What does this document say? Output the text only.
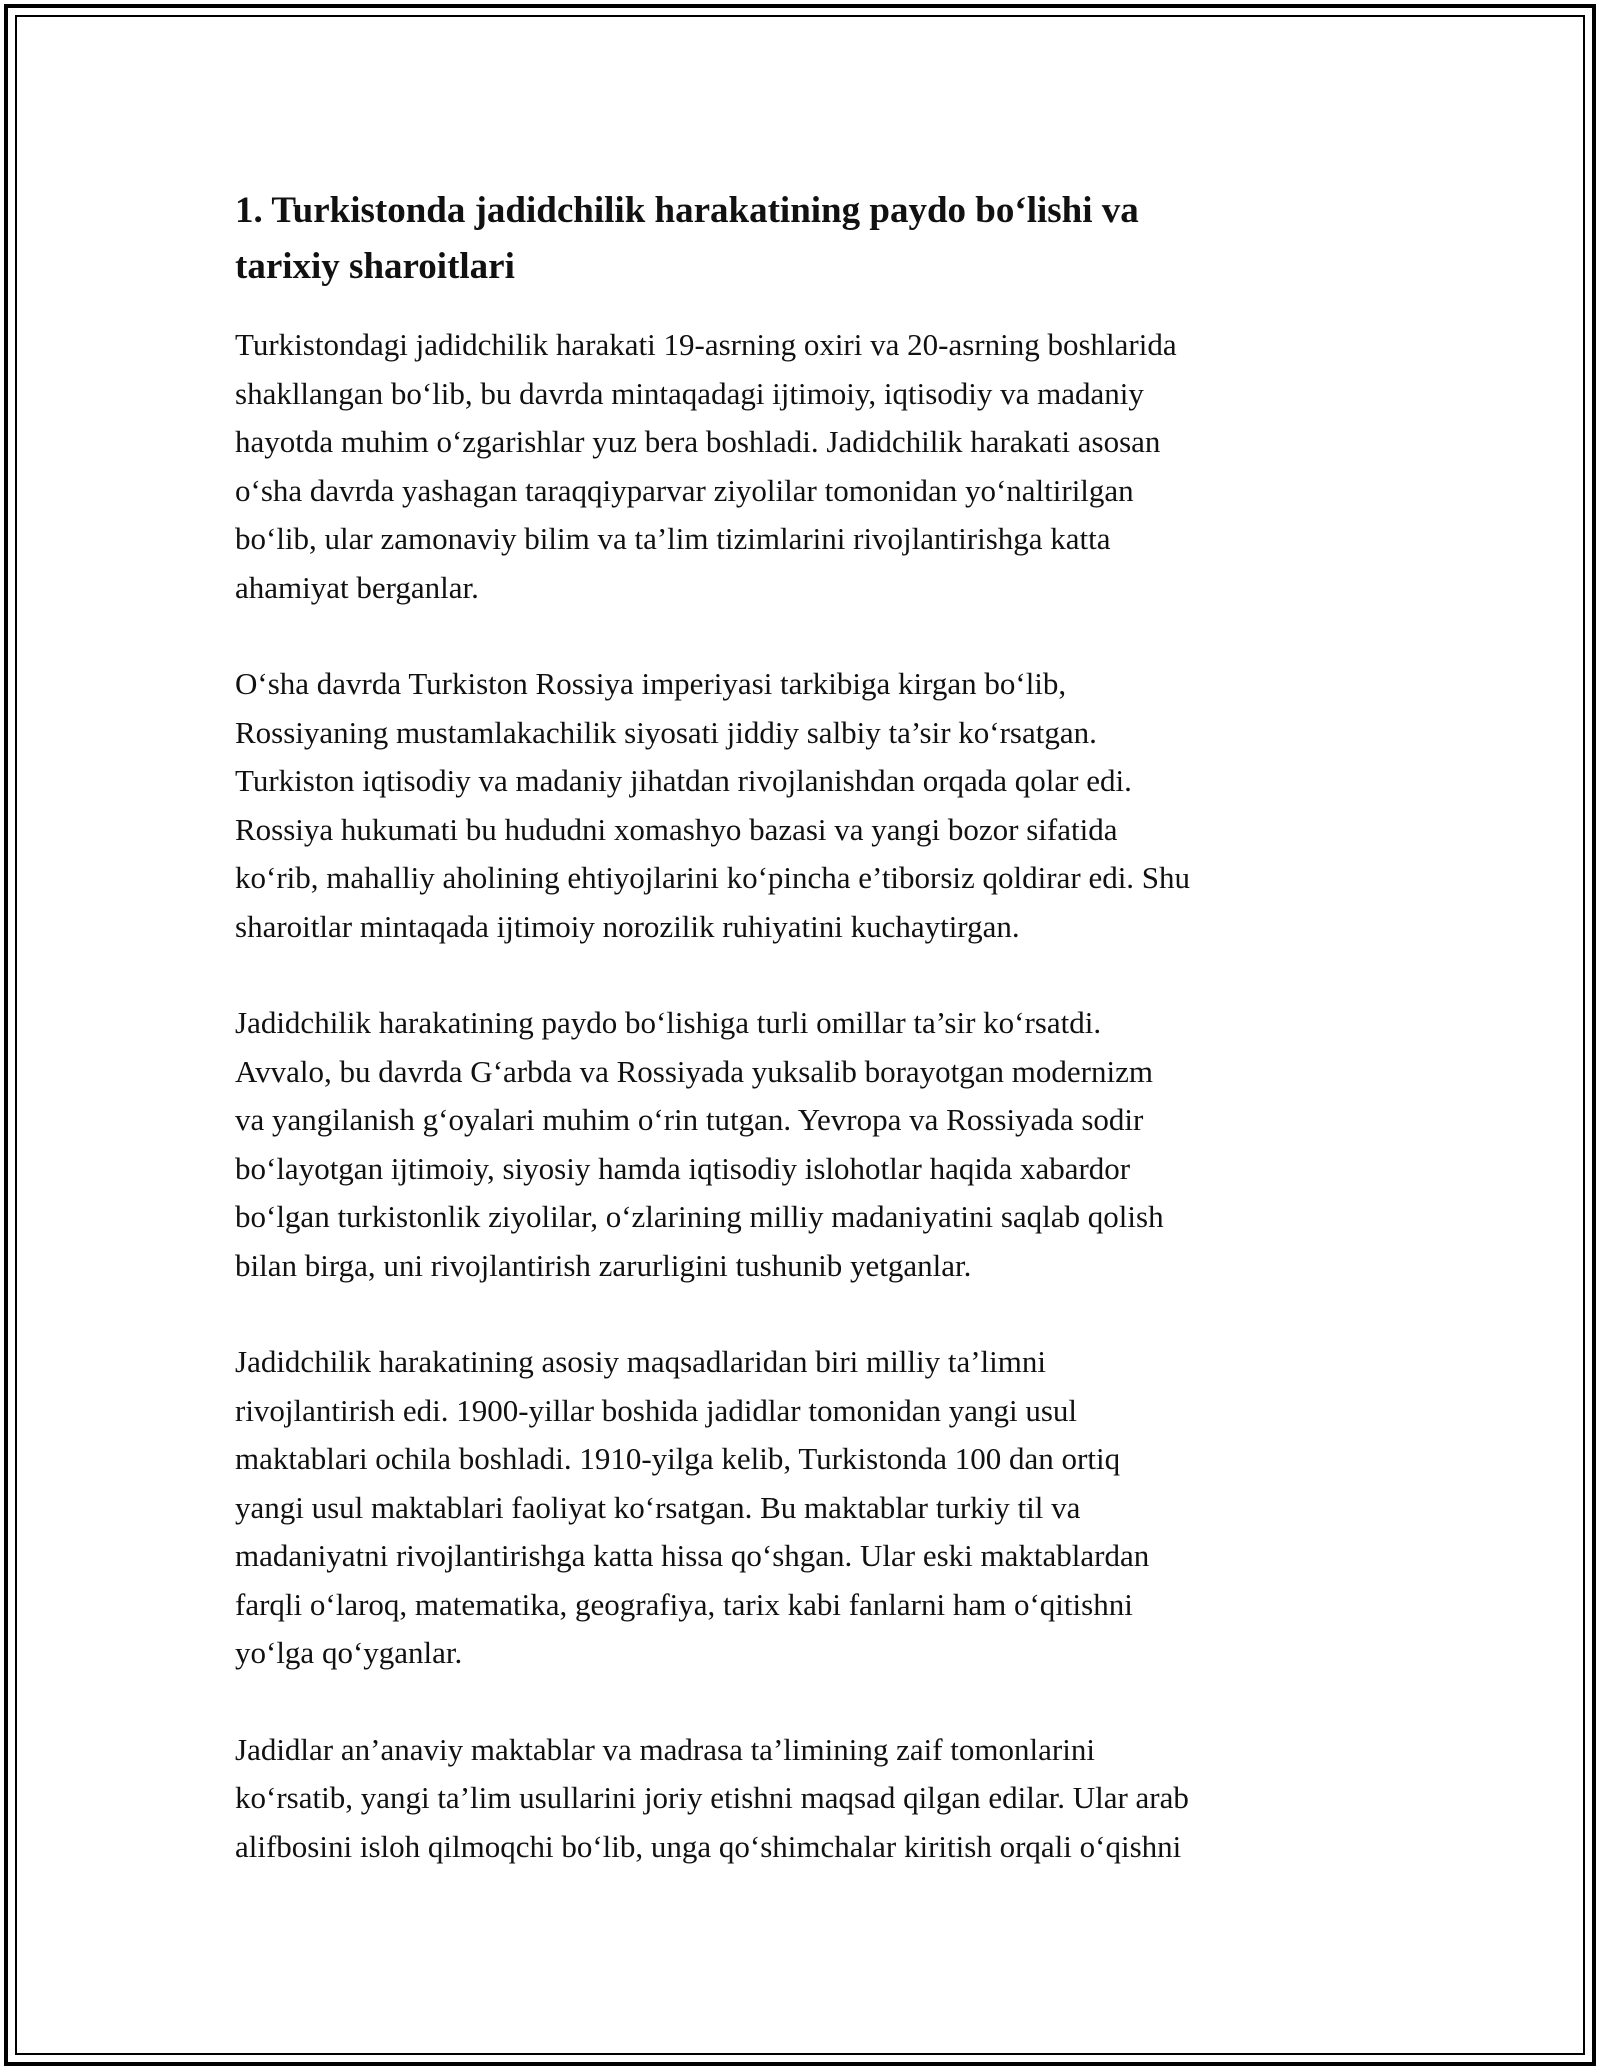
1. Turkistonda jadidchilik harakatining paydo bo‘lishi va
tarixiy sharoitlari

Turkistondagi jadidchilik harakati 19-asrning oxiri va 20-asrning boshlarida
shakllangan bo‘lib, bu davrda mintaqadagi ijtimoiy, iqtisodiy va madaniy
hayotda muhim o‘zgarishlar yuz bera boshladi. Jadidchilik harakati asosan
o‘sha davrda yashagan taraqqiyparvar ziyolilar tomonidan yo‘naltirilgan
bo‘lib, ular zamonaviy bilim va ta’lim tizimlarini rivojlantirishga katta
ahamiyat berganlar.

O‘sha davrda Turkiston Rossiya imperiyasi tarkibiga kirgan bo‘lib,
Rossiyaning mustamlakachilik siyosati jiddiy salbiy ta’sir ko‘rsatgan.
Turkiston iqtisodiy va madaniy jihatdan rivojlanishdan orqada qolar edi.
Rossiya hukumati bu hududni xomashyo bazasi va yangi bozor sifatida
ko‘rib, mahalliy aholining ehtiyojlarini ko‘pincha e’tiborsiz qoldirar edi. Shu
sharoitlar mintaqada ijtimoiy norozilik ruhiyatini kuchaytirgan.

Jadidchilik harakatining paydo bo‘lishiga turli omillar ta’sir ko‘rsatdi.
Avvalo, bu davrda G‘arbda va Rossiyada yuksalib borayotgan modernizm
va yangilanish g‘oyalari muhim o‘rin tutgan. Yevropa va Rossiyada sodir
bo‘layotgan ijtimoiy, siyosiy hamda iqtisodiy islohotlar haqida xabardor
bo‘lgan turkistonlik ziyolilar, o‘zlarining milliy madaniyatini saqlab qolish
bilan birga, uni rivojlantirish zarurligini tushunib yetganlar.

Jadidchilik harakatining asosiy maqsadlaridan biri milliy ta’limni
rivojlantirish edi. 1900-yillar boshida jadidlar tomonidan yangi usul
maktablari ochila boshladi. 1910-yilga kelib, Turkistonda 100 dan ortiq
yangi usul maktablari faoliyat ko‘rsatgan. Bu maktablar turkiy til va
madaniyatni rivojlantirishga katta hissa qo‘shgan. Ular eski maktablardan
farqli o‘laroq, matematika, geografiya, tarix kabi fanlarni ham o‘qitishni
yo‘lga qo‘yganlar.

Jadidlar an’anaviy maktablar va madrasa ta’limining zaif tomonlarini
ko‘rsatib, yangi ta’lim usullarini joriy etishni maqsad qilgan edilar. Ular arab
alifbosini isloh qilmoqchi bo‘lib, unga qo‘shimchalar kiritish orqali o‘qishni
